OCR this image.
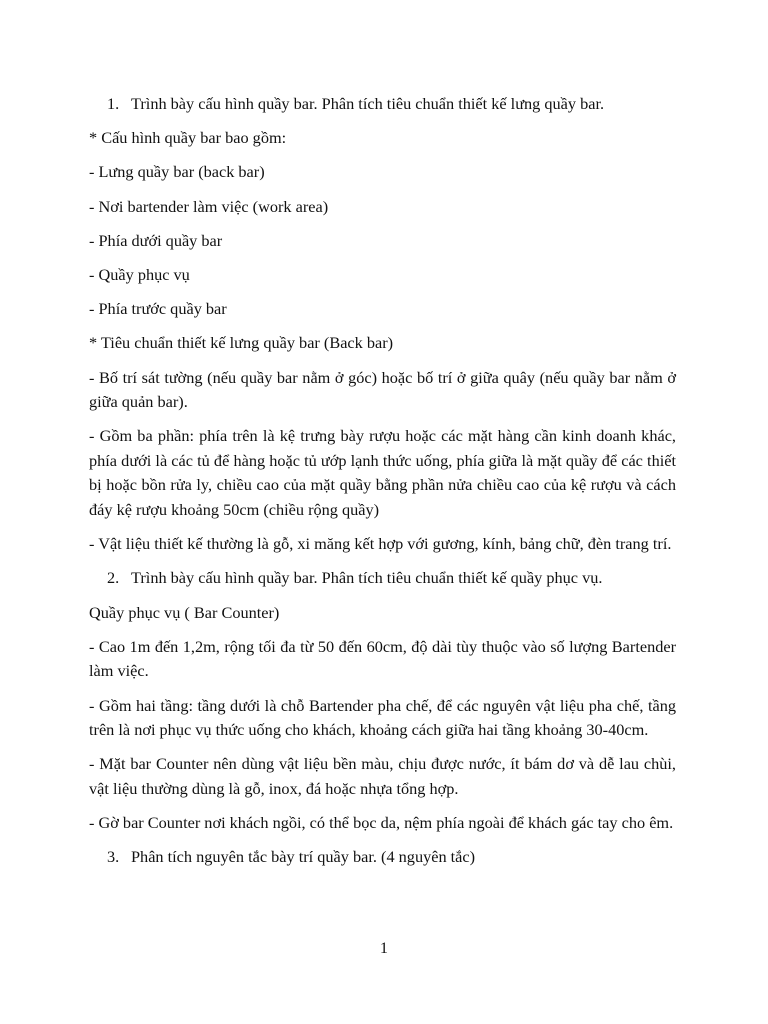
1. Trình bày cấu hình quầy bar. Phân tích tiêu chuẩn thiết kế lưng quầy bar.

* Cấu hình quầy bar bao gồm:

- Lưng quầy bar (back bar)

- Nơi bartender làm việc (work area)

- Phía dưới quầy bar

- Quầy phục vụ

- Phía trước quầy bar

* Tiêu chuẩn thiết kế lưng quầy bar (Back bar)

- Bố trí sát tường (nếu quầy bar nằm ở góc) hoặc bố trí ở giữa quây (nếu quầy bar nằm ở giữa quản bar).

- Gồm ba phần: phía trên là kệ trưng bày rượu hoặc các mặt hàng cần kinh doanh khác, phía dưới là các tủ để hàng hoặc tủ ướp lạnh thức uống, phía giữa là mặt quầy để các thiết bị hoặc bồn rửa ly, chiều cao của mặt quầy bằng phần nửa chiều cao của kệ rượu và cách đáy kệ rượu khoảng 50cm (chiều rộng quầy)

- Vật liệu thiết kế thường là gỗ, xi măng kết hợp với gương, kính, bảng chữ, đèn trang trí.

2. Trình bày cấu hình quầy bar. Phân tích tiêu chuẩn thiết kế quầy phục vụ.

Quầy phục vụ ( Bar Counter)

- Cao 1m đến 1,2m, rộng tối đa từ 50 đến 60cm, độ dài tùy thuộc vào số lượng Bartender làm việc.

- Gồm hai tầng: tầng dưới là chỗ Bartender pha chế, để các nguyên vật liệu pha chế, tầng trên là nơi phục vụ thức uống cho khách, khoảng cách giữa hai tầng khoảng 30-40cm.

- Mặt bar Counter nên dùng vật liệu bền màu, chịu được nước, ít bám dơ và dễ lau chùi, vật liệu thường dùng là gỗ, inox, đá hoặc nhựa tổng hợp.

- Gờ bar Counter nơi khách ngồi, có thể bọc da, nệm phía ngoài để khách gác tay cho êm.

3. Phân tích nguyên tắc bày trí quầy bar. (4 nguyên tắc)
1
